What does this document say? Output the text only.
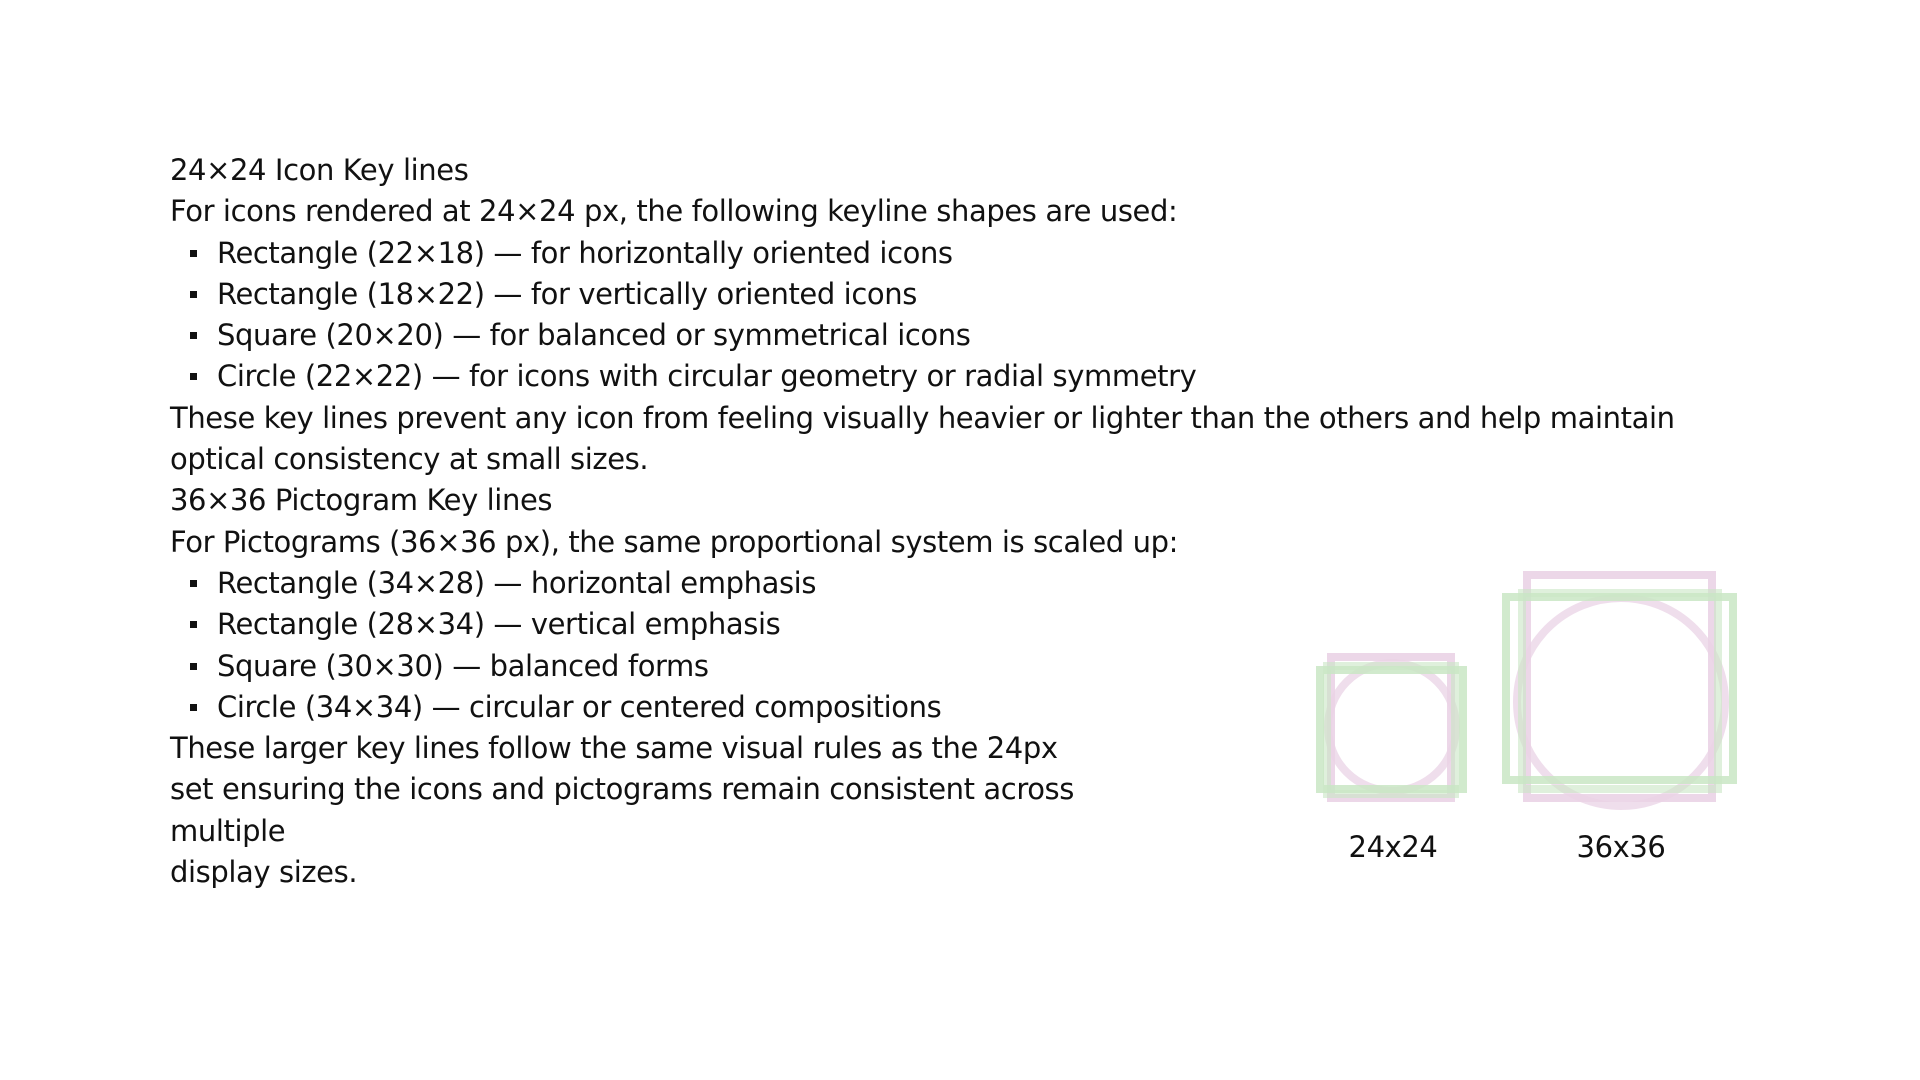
24×24 Icon Key lines

For icons rendered at 24×24 px, the following keyline shapes are used:

Rectangle (22×18) — for horizontally oriented icons
Rectangle (18×22) — for vertically oriented icons
Square (20×20) — for balanced or symmetrical icons
Circle (22×22) — for icons with circular geometry or radial symmetry

These key lines prevent any icon from feeling visually heavier or lighter than the others and help maintain optical consistency at small sizes.

36×36 Pictogram Key lines

For Pictograms (36×36 px), the same proportional system is scaled up:

Rectangle (34×28) — horizontal emphasis
Rectangle (28×34) — vertical emphasis
Square (30×30) — balanced forms
Circle (34×34) — circular or centered compositions
These larger key lines follow the same visual rules as the 24px
set ensuring the icons and pictograms remain consistent across multiple
display sizes.
24x24	36x36
